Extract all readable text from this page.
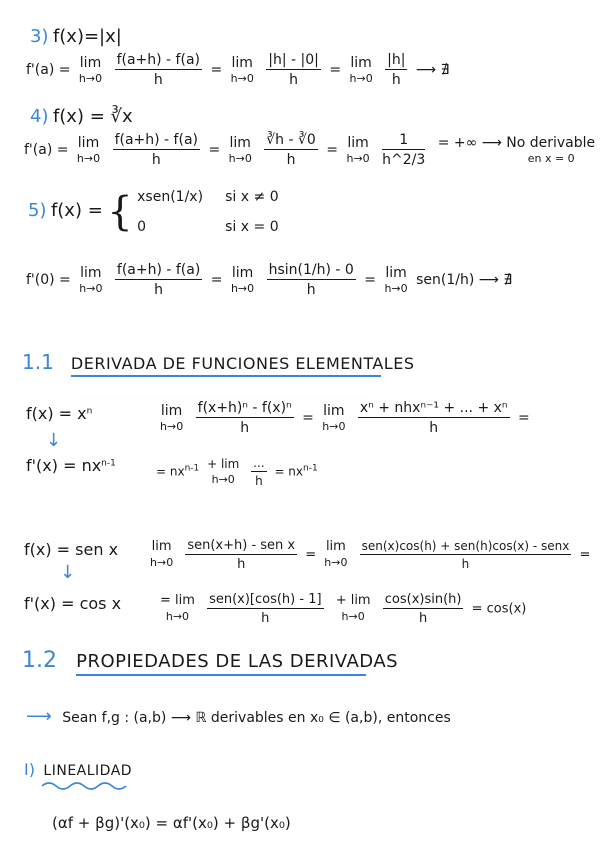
3) f(x)=|x|
f'(a) = lim
h→0
$\frac{f(a+h) - f(a)}{h} = \lim$
h→0
$\frac{|h| - |0|}{h} = \lim$
h→0
$\frac{|h|}{h}$ ⟶ ∄
4) f(x) = ∛x
f'(a) = lim
h→0
$\frac{f(a+h) - f(a)}{h} = \lim$
h→0
$\frac{∛h - ∛0}{h} = \lim$
h→0
$\frac{1}{h\^{}2/3}$ = +∞ ⟶ No derivable
en x = 0
5) f(x) = { xsen(1/x) si x ≠ 0
0	si x = 0
f'(0) = lim
h→0
$\frac{f(a+h) - f(a)}{h} = \lim$
h→0
$\frac{hsin(1/h) - 0}{h} = \lim$
h→0
sen(1/h) ⟶ ∄
1.1 DERIVADA DE FUNCIONES ELEMENTALES
$f(x) = x^n$
↓
$f'(x) = nx^{n-1}$
lim
h→0
$\frac{\text{f(x+h)ⁿ - f(x)ⁿ}}{h} = \lim$
h→0
$\frac{\text{xⁿ + nhxⁿ⁻¹ + ... + xⁿ}}{h}$ =
= $nx^{n-1} + \lim$
h→0
	$\frac{...}{h} = nx^{n-1}$
f(x) = sen x
↓
f'(x) = cos x
lim
h→0
$\frac{\text{sen(x+h) - sen x}}{h} = \lim$
h→0
$\frac{\text{sen(x)cos(h) + sen(h)cos(x) - senx}}{h}$ =
= lim
h→0
	$\frac{\text{sen(x)[cos(h) - 1]}}{h} + \lim$
h→0
	$\frac{\cos(x)\sin(h)}{h} = \cos(x)$
1.2 PROPIEDADES DE LAS DERIVADAS
⟶ Sean f,g : (a,b) ⟶ ℝ derivables en x₀ ∈ (a,b), entonces
I) LINEALIDAD
(αf + βg)'(x₀) = αf'(x₀) + βg'(x₀)
